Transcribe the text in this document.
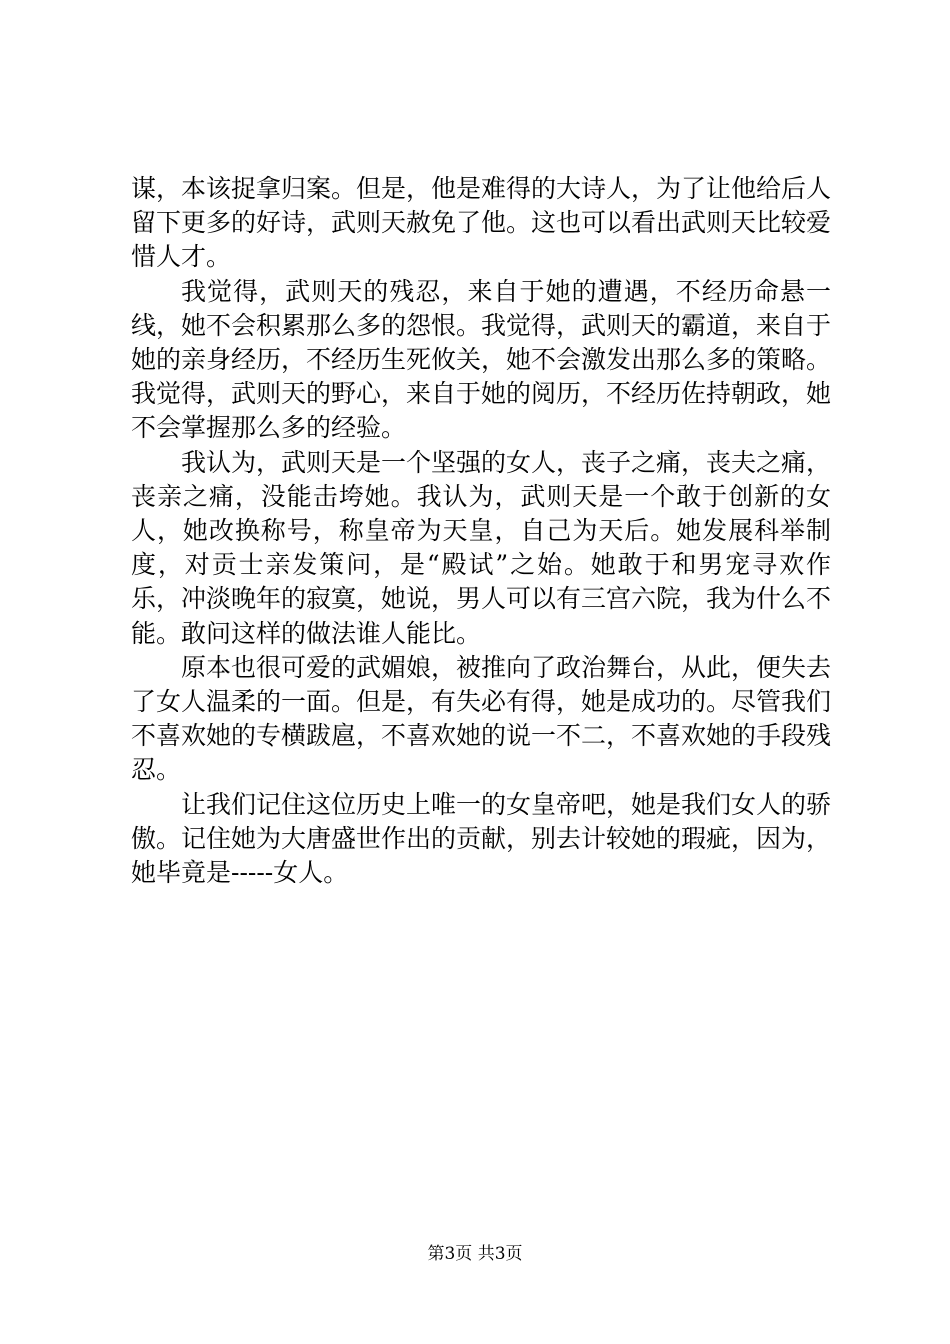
谋，本该捉拿归案。但是，他是难得的大诗人，为了让他给后人留下更多的好诗，武则天赦免了他。这也可以看出武则天比较爱惜人才。

我觉得，武则天的残忍，来自于她的遭遇，不经历命悬一线，她不会积累那么多的怨恨。我觉得，武则天的霸道，来自于她的亲身经历，不经历生死攸关，她不会激发出那么多的策略。我觉得，武则天的野心，来自于她的阅历，不经历佐持朝政，她不会掌握那么多的经验。

我认为，武则天是一个坚强的女人，丧子之痛，丧夫之痛，丧亲之痛，没能击垮她。我认为，武则天是一个敢于创新的女人，她改换称号，称皇帝为天皇，自己为天后。她发展科举制度，对贡士亲发策问，是“殿试”之始。她敢于和男宠寻欢作乐，冲淡晚年的寂寞，她说，男人可以有三宫六院，我为什么不能。敢问这样的做法谁人能比。

原本也很可爱的武媚娘，被推向了政治舞台，从此，便失去了女人温柔的一面。但是，有失必有得，她是成功的。尽管我们不喜欢她的专横跋扈，不喜欢她的说一不二，不喜欢她的手段残忍。

让我们记住这位历史上唯一的女皇帝吧，她是我们女人的骄傲。记住她为大唐盛世作出的贡献，别去计较她的瑕疵，因为，她毕竟是-----女人。

第3页 共3页
